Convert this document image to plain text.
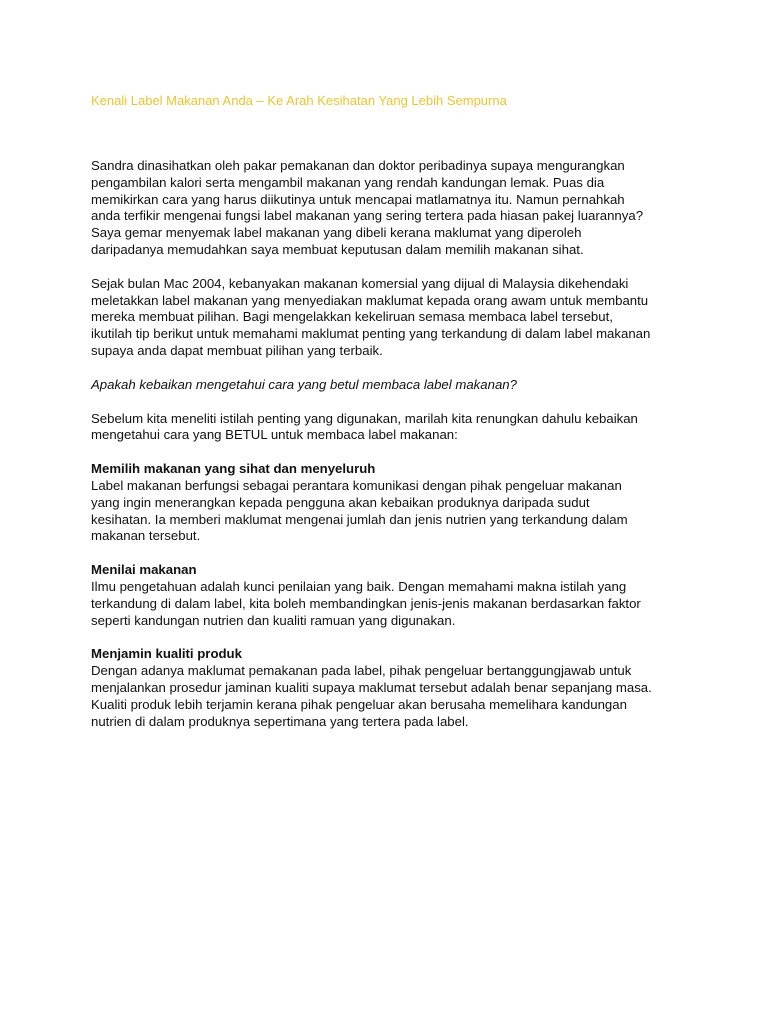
Kenali Label Makanan Anda – Ke Arah Kesihatan Yang Lebih Sempurna

Sandra dinasihatkan oleh pakar pemakanan dan doktor peribadinya supaya mengurangkan
pengambilan kalori serta mengambil makanan yang rendah kandungan lemak. Puas dia
memikirkan cara yang harus diikutinya untuk mencapai matlamatnya itu. Namun pernahkah
anda terfikir mengenai fungsi label makanan yang sering tertera pada hiasan pakej luarannya?
Saya gemar menyemak label makanan yang dibeli kerana maklumat yang diperoleh
daripadanya memudahkan saya membuat keputusan dalam memilih makanan sihat.

Sejak bulan Mac 2004, kebanyakan makanan komersial yang dijual di Malaysia dikehendaki
meletakkan label makanan yang menyediakan maklumat kepada orang awam untuk membantu
mereka membuat pilihan. Bagi mengelakkan kekeliruan semasa membaca label tersebut,
ikutilah tip berikut untuk memahami maklumat penting yang terkandung di dalam label makanan
supaya anda dapat membuat pilihan yang terbaik.

Apakah kebaikan mengetahui cara yang betul membaca label makanan?

Sebelum kita meneliti istilah penting yang digunakan, marilah kita renungkan dahulu kebaikan
mengetahui cara yang BETUL untuk membaca label makanan:

Memilih makanan yang sihat dan menyeluruh
Label makanan berfungsi sebagai perantara komunikasi dengan pihak pengeluar makanan
yang ingin menerangkan kepada pengguna akan kebaikan produknya daripada sudut
kesihatan. Ia memberi maklumat mengenai jumlah dan jenis nutrien yang terkandung dalam
makanan tersebut.
Menilai makanan
Ilmu pengetahuan adalah kunci penilaian yang baik. Dengan memahami makna istilah yang
terkandung di dalam label, kita boleh membandingkan jenis-jenis makanan berdasarkan faktor
seperti kandungan nutrien dan kualiti ramuan yang digunakan.
Menjamin kualiti produk
Dengan adanya maklumat pemakanan pada label, pihak pengeluar bertanggungjawab untuk
menjalankan prosedur jaminan kualiti supaya maklumat tersebut adalah benar sepanjang masa.
Kualiti produk lebih terjamin kerana pihak pengeluar akan berusaha memelihara kandungan
nutrien di dalam produknya sepertimana yang tertera pada label.
